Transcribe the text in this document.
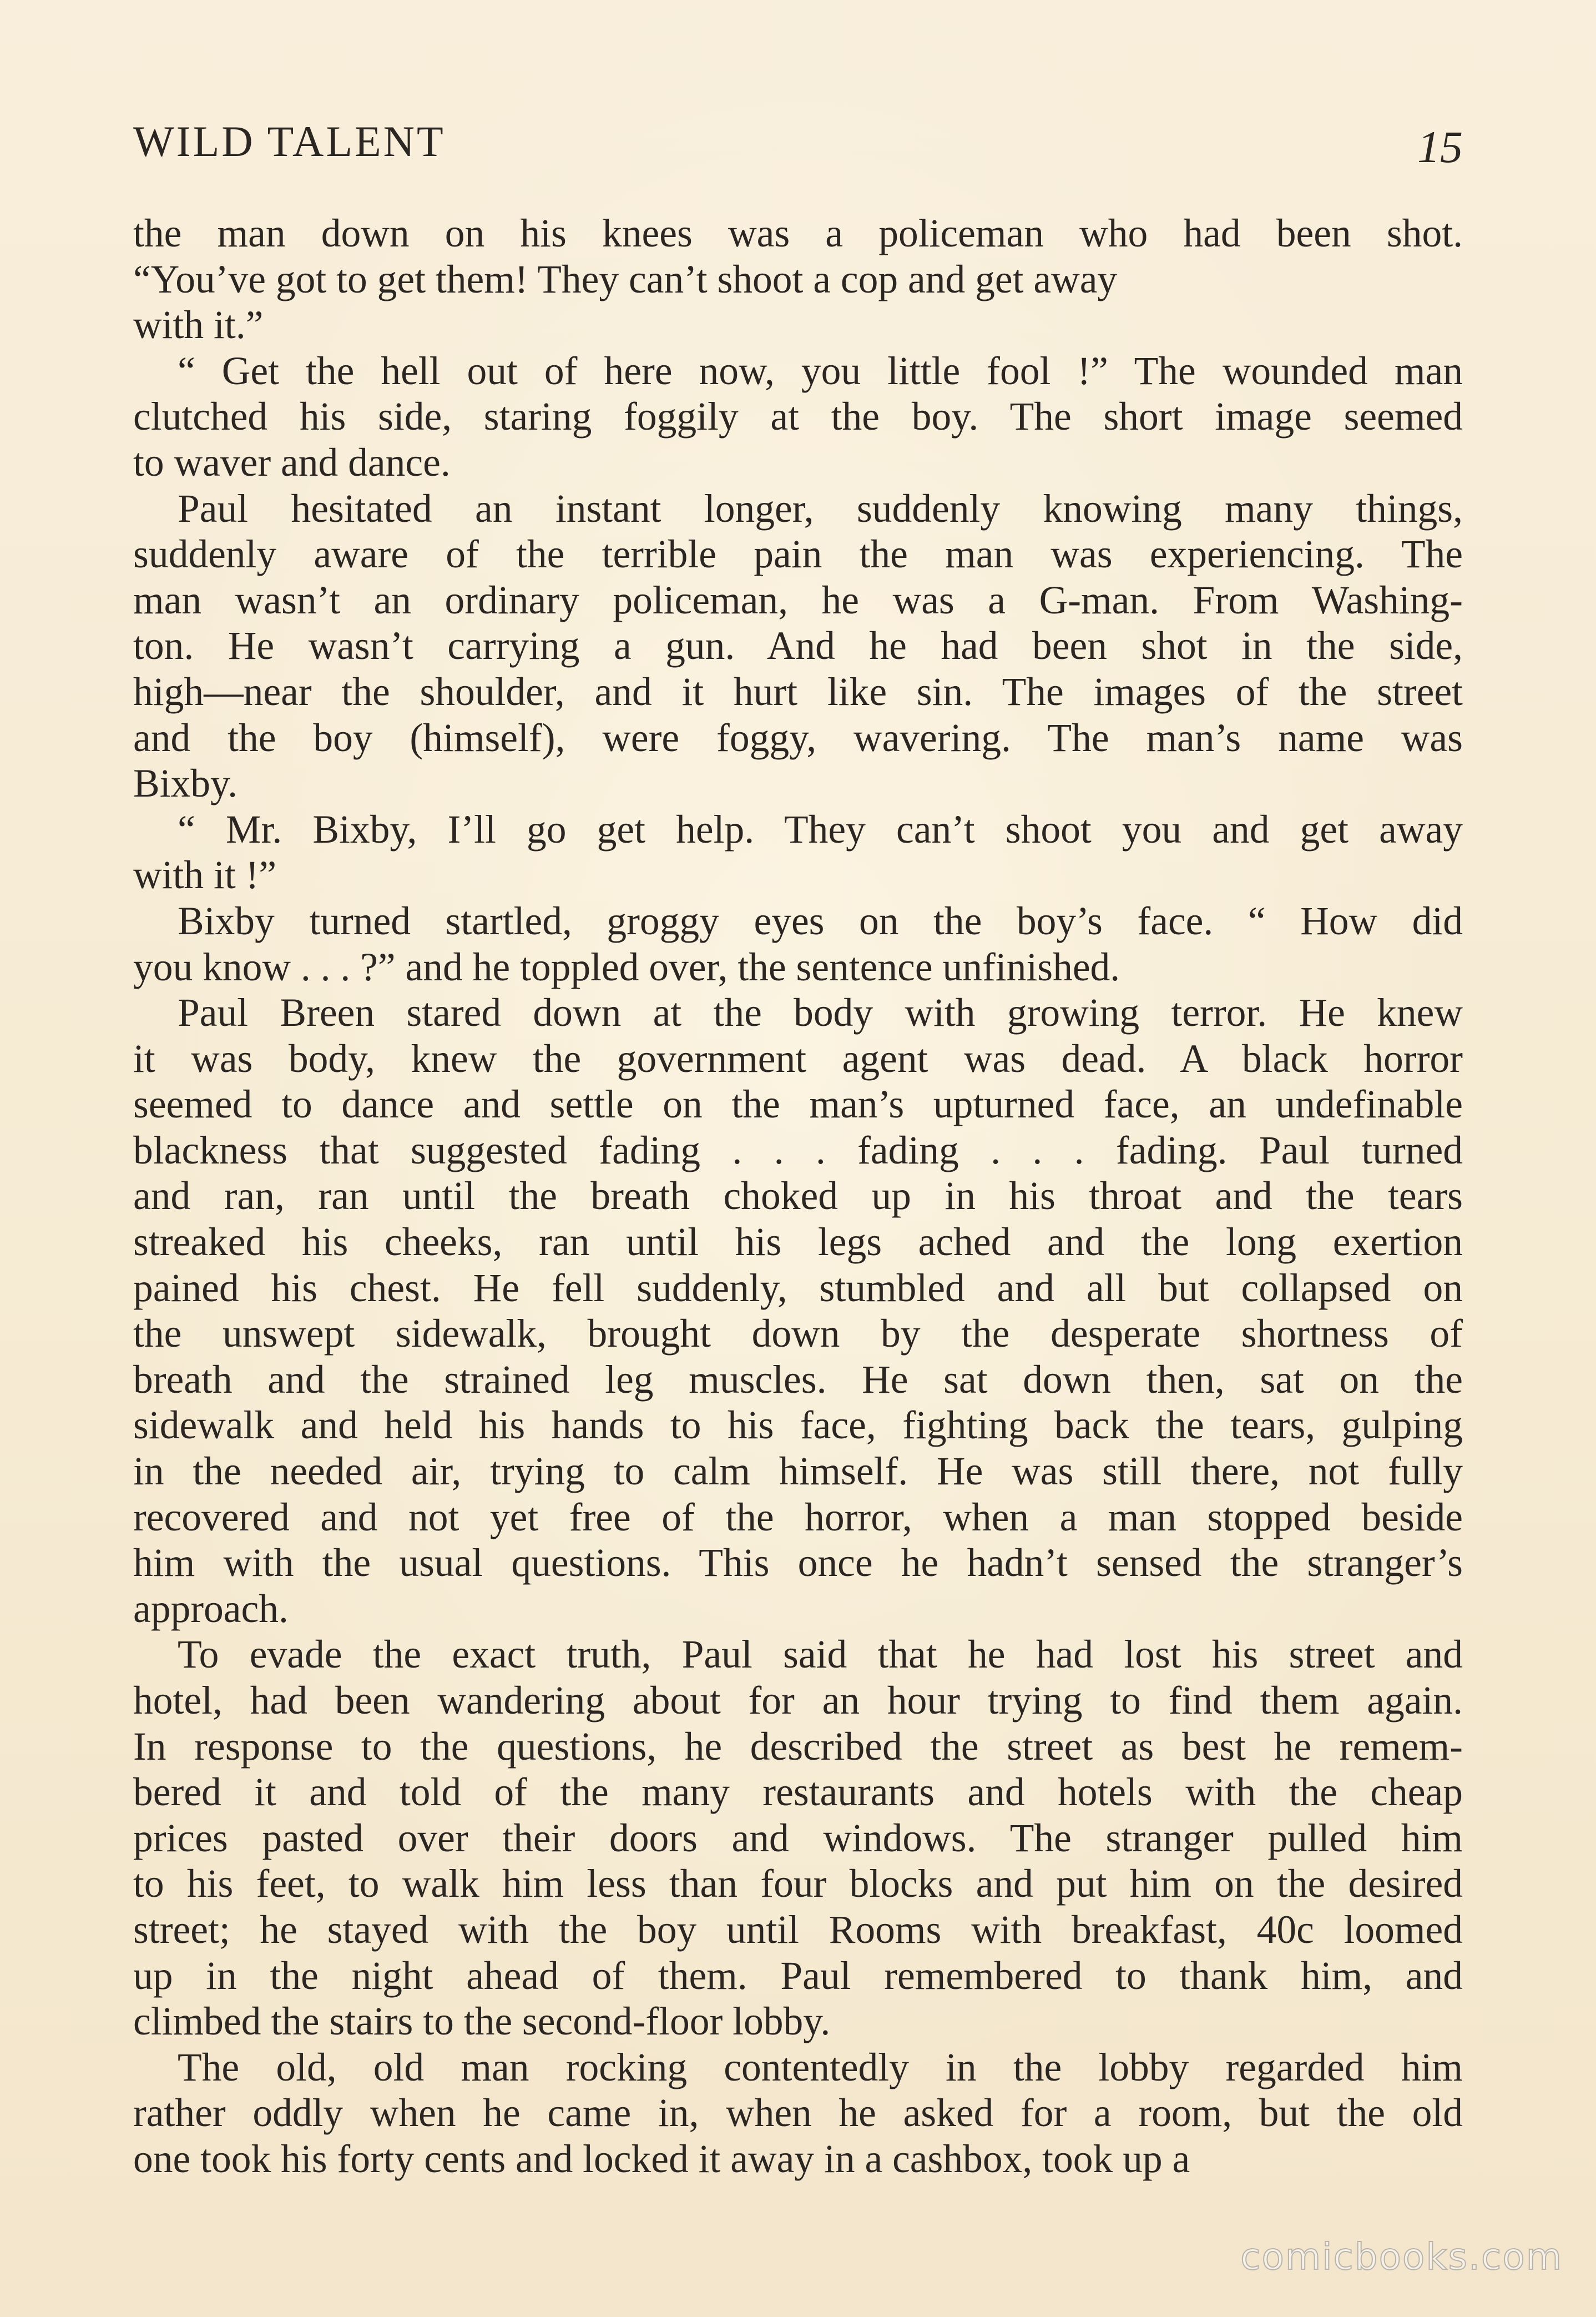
WILD TALENT	15

the man down on his knees was a policeman who had been shot.
“You’ve got to get them! They can’t shoot a cop and get away
with it.”

“ Get the hell out of here now, you little fool !” The wounded man
clutched his side, staring foggily at the boy. The short image seemed
to waver and dance.

Paul hesitated an instant longer, suddenly knowing many things,
suddenly aware of the terrible pain the man was experiencing. The
man wasn’t an ordinary policeman, he was a G-man. From Washing-
ton. He wasn’t carrying a gun. And he had been shot in the side,
high—near the shoulder, and it hurt like sin. The images of the street
and the boy (himself), were foggy, wavering. The man’s name was
Bixby.

“ Mr. Bixby, I’ll go get help. They can’t shoot you and get away
with it !”

Bixby turned startled, groggy eyes on the boy’s face. “ How did
you know . . . ?” and he toppled over, the sentence unfinished.

Paul Breen stared down at the body with growing terror. He knew
it was body, knew the government agent was dead. A black horror
seemed to dance and settle on the man’s upturned face, an undefinable
blackness that suggested fading . . . fading . . . fading. Paul turned
and ran, ran until the breath choked up in his throat and the tears
streaked his cheeks, ran until his legs ached and the long exertion
pained his chest. He fell suddenly, stumbled and all but collapsed on
the unswept sidewalk, brought down by the desperate shortness of
breath and the strained leg muscles. He sat down then, sat on the
sidewalk and held his hands to his face, fighting back the tears, gulping
in the needed air, trying to calm himself. He was still there, not fully
recovered and not yet free of the horror, when a man stopped beside
him with the usual questions. This once he hadn’t sensed the stranger’s
approach.

To evade the exact truth, Paul said that he had lost his street and
hotel, had been wandering about for an hour trying to find them again.
In response to the questions, he described the street as best he remem-
bered it and told of the many restaurants and hotels with the cheap
prices pasted over their doors and windows. The stranger pulled him
to his feet, to walk him less than four blocks and put him on the desired
street; he stayed with the boy until Rooms with breakfast, 40c loomed
up in the night ahead of them. Paul remembered to thank him, and
climbed the stairs to the second-floor lobby.

The old, old man rocking contentedly in the lobby regarded him
rather oddly when he came in, when he asked for a room, but the old
one took his forty cents and locked it away in a cashbox, took up a

comicbooks.com
